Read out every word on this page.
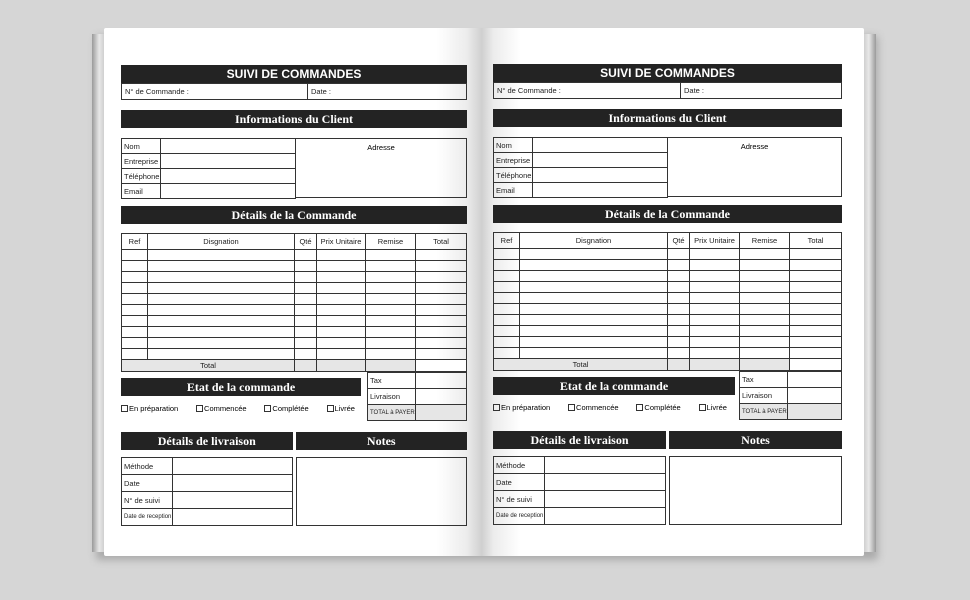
SUIVI DE COMMANDES
N° de Commande :	Date :
Informations du Client
Nom	
Entreprise	
Téléphone	
Email	
Adresse
Détails de la Commande
Ref	Disgnation	Qté	Prix Unitaire	Remise	Total

Total					
Etat de la commande
En préparation	Commencée	Complétée	Livrée
Tax	
Livraison	
TOTAL à PAYER	
Détails de livraison
Méthode	
Date	
N° de suivi	
Date de reception	
Notes
SUIVI DE COMMANDES
N° de Commande :	Date :
Informations du Client
Nom	
Entreprise	
Téléphone	
Email	
Adresse
Détails de la Commande
Ref	Disgnation	Qté	Prix Unitaire	Remise	Total

Total					
Etat de la commande
En préparation	Commencée	Complétée	Livrée
Tax	
Livraison	
TOTAL à PAYER	
Détails de livraison
Méthode	
Date	
N° de suivi	
Date de reception	
Notes
